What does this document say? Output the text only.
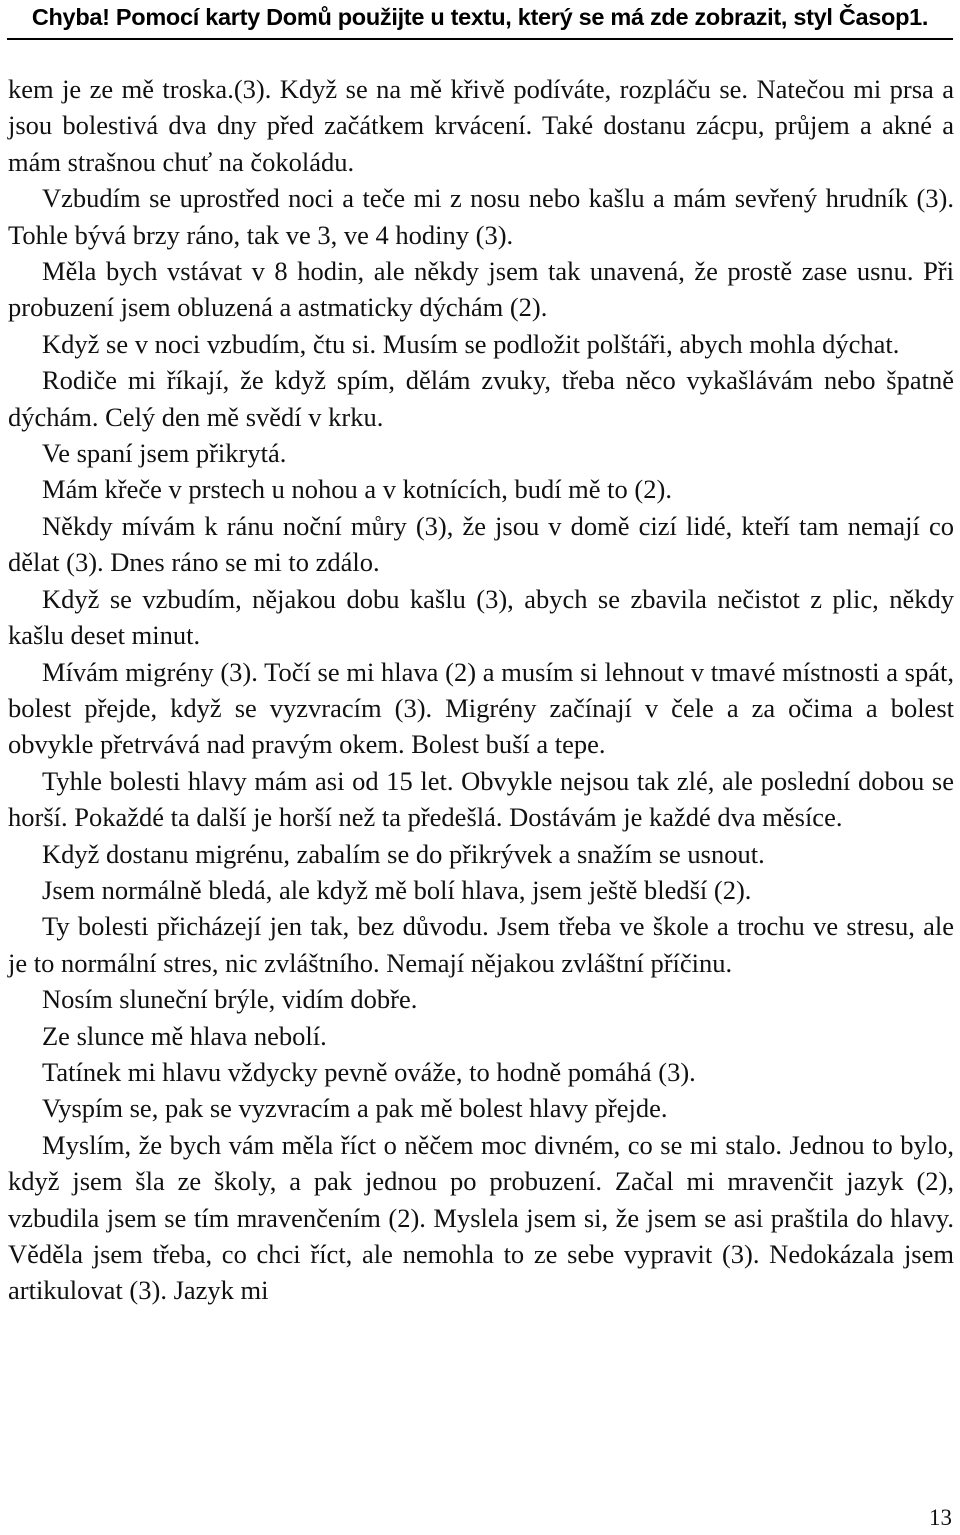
Chyba! Pomocí karty Domů použijte u textu, který se má zde zobrazit, styl Časop1.

kem je ze mě troska.(3). Když se na mě křivě podíváte, rozpláču se. Natečou mi prsa a jsou bolestivá dva dny před začátkem krvácení. Také dostanu zácpu, průjem a akné a mám strašnou chuť na čokoládu.

Vzbudím se uprostřed noci a teče mi z nosu nebo kašlu a mám sevřený hrudník (3). Tohle bývá brzy ráno, tak ve 3, ve 4 hodiny (3).

Měla bych vstávat v 8 hodin, ale někdy jsem tak unavená, že prostě zase usnu. Při probuzení jsem obluzená a astmaticky dýchám (2).

Když se v noci vzbudím, čtu si. Musím se podložit polštáři, abych mohla dýchat.

Rodiče mi říkají, že když spím, dělám zvuky, třeba něco vykašlávám nebo špatně dýchám. Celý den mě svědí v krku.

Ve spaní jsem přikrytá.

Mám křeče v prstech u nohou a v kotnících, budí mě to (2).

Někdy mívám k ránu noční můry (3), že jsou v domě cizí lidé, kteří tam nemají co dělat (3). Dnes ráno se mi to zdálo.

Když se vzbudím, nějakou dobu kašlu (3), abych se zbavila nečistot z plic, někdy kašlu deset minut.

Mívám migrény (3). Točí se mi hlava (2) a musím si lehnout v tmavé místnosti a spát, bolest přejde, když se vyzvracím (3). Migrény začínají v čele a za očima a bolest obvykle přetrvává nad pravým okem. Bolest buší a tepe.

Tyhle bolesti hlavy mám asi od 15 let. Obvykle nejsou tak zlé, ale poslední dobou se horší. Pokaždé ta další je horší než ta předešlá. Dostávám je každé dva měsíce.

Když dostanu migrénu, zabalím se do přikrývek a snažím se usnout.

Jsem normálně bledá, ale když mě bolí hlava, jsem ještě bledší (2).

Ty bolesti přicházejí jen tak, bez důvodu. Jsem třeba ve škole a trochu ve stresu, ale je to normální stres, nic zvláštního. Nemají nějakou zvláštní příčinu.

Nosím sluneční brýle, vidím dobře.

Ze slunce mě hlava nebolí.

Tatínek mi hlavu vždycky pevně ováže, to hodně pomáhá (3).

Vyspím se, pak se vyzvracím a pak mě bolest hlavy přejde.

Myslím, že bych vám měla říct o něčem moc divném, co se mi stalo. Jednou to bylo, když jsem šla ze školy, a pak jednou po probuzení. Začal mi mravenčit jazyk (2), vzbudila jsem se tím mravenčením (2). Myslela jsem si, že jsem se asi praštila do hlavy. Věděla jsem třeba, co chci říct, ale nemohla to ze sebe vypravit (3). Nedokázala jsem artikulovat (3). Jazyk mi

13
